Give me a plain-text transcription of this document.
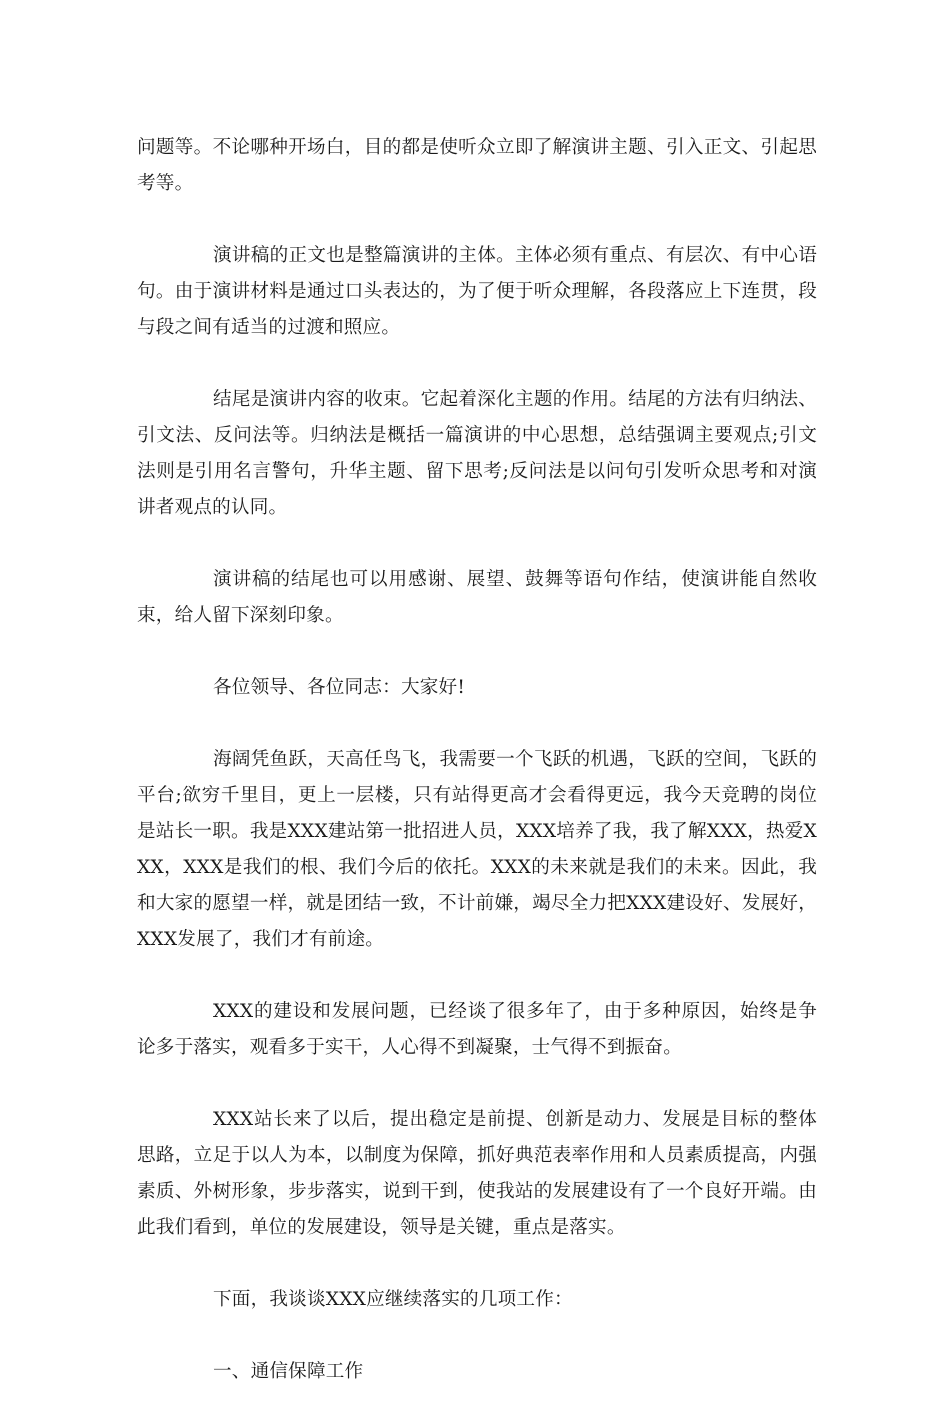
问题等。不论哪种开场白，目的都是使听众立即了解演讲主题、引入正文、引起思考等。

演讲稿的正文也是整篇演讲的主体。主体必须有重点、有层次、有中心语句。由于演讲材料是通过口头表达的，为了便于听众理解，各段落应上下连贯，段与段之间有适当的过渡和照应。

结尾是演讲内容的收束。它起着深化主题的作用。结尾的方法有归纳法、引文法、反问法等。归纳法是概括一篇演讲的中心思想，总结强调主要观点;引文法则是引用名言警句，升华主题、留下思考;反问法是以问句引发听众思考和对演讲者观点的认同。

演讲稿的结尾也可以用感谢、展望、鼓舞等语句作结，使演讲能自然收束，给人留下深刻印象。

各位领导、各位同志：大家好!

海阔凭鱼跃，天高任鸟飞，我需要一个飞跃的机遇，飞跃的空间，飞跃的平台;欲穷千里目，更上一层楼，只有站得更高才会看得更远，我今天竞聘的岗位是站长一职。我是XXX建站第一批招进人员，XXX培养了我，我了解XXX，热爱XXX，XXX是我们的根、我们今后的依托。XXX的未来就是我们的未来。因此，我和大家的愿望一样，就是团结一致，不计前嫌，竭尽全力把XXX建设好、发展好，XXX发展了，我们才有前途。

XXX的建设和发展问题，已经谈了很多年了，由于多种原因，始终是争论多于落实，观看多于实干，人心得不到凝聚，士气得不到振奋。

XXX站长来了以后，提出稳定是前提、创新是动力、发展是目标的整体思路，立足于以人为本，以制度为保障，抓好典范表率作用和人员素质提高，内强素质、外树形象，步步落实，说到干到，使我站的发展建设有了一个良好开端。由此我们看到，单位的发展建设，领导是关键，重点是落实。

下面，我谈谈XXX应继续落实的几项工作：

一、通信保障工作
